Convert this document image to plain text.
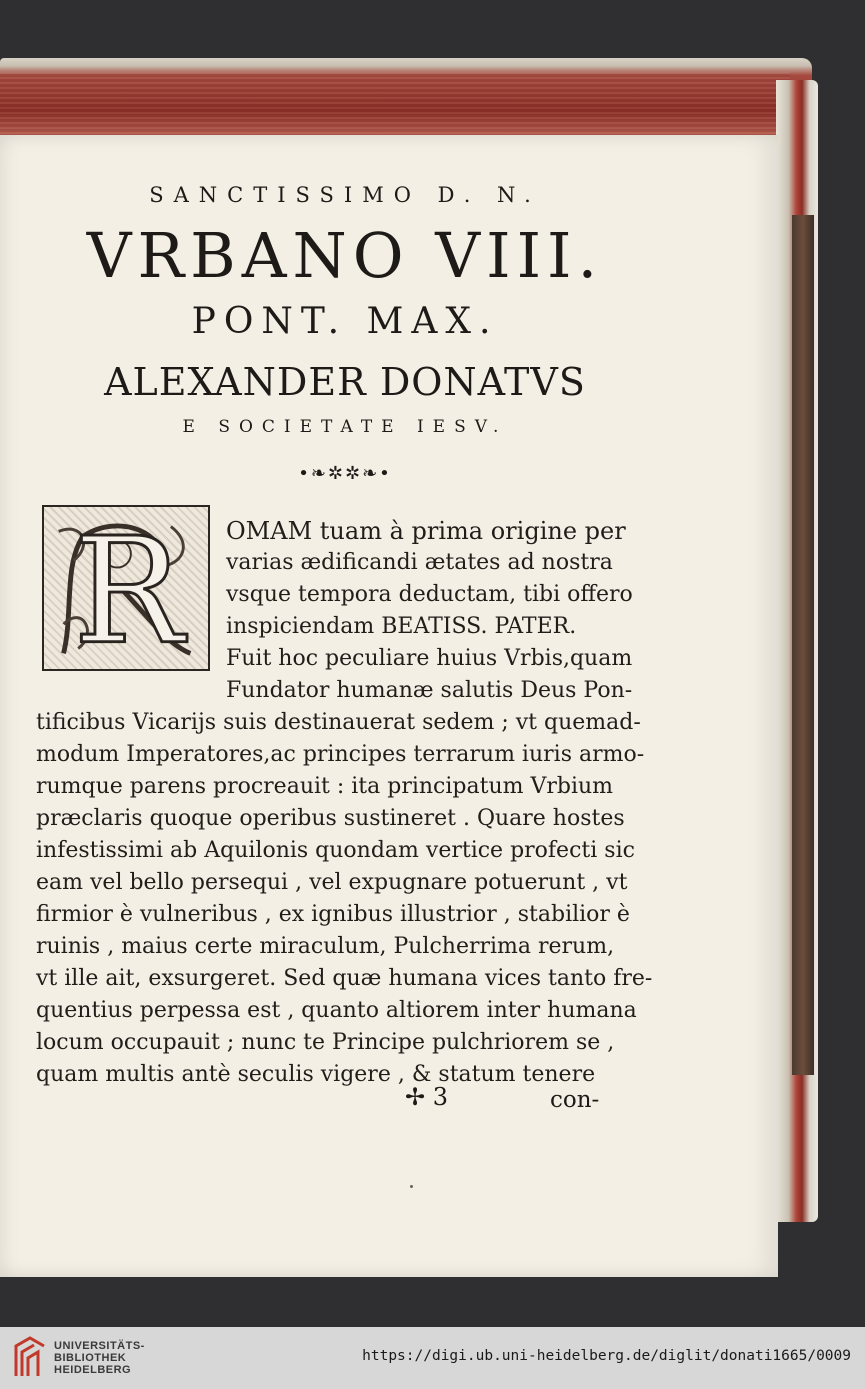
SANCTISSIMO D. N.
VRBANO VIII.
PONT. MAX.
ALEXANDER DONATVS
E SOCIETATE IESV.
•❧✲✲❧•
R OMAM tuam à prima origine per
varias ædificandi ætates ad nostra
vsque tempora deductam, tibi offero
inspiciendam BEATISS. PATER.
Fuit hoc peculiare huius Vrbis,quam
Fundator humanæ salutis Deus Pon-
tificibus Vicarijs suis destinauerat sedem ; vt quemad-
modum Imperatores,ac principes terrarum iuris armo-
rumque parens procreauit : ita principatum Vrbium
præclaris quoque operibus sustineret . Quare hostes
infestissimi ab Aquilonis quondam vertice profecti sic
eam vel bello persequi , vel expugnare potuerunt , vt
firmior è vulneribus , ex ignibus illustrior , stabilior è
ruinis , maius certe miraculum, Pulcherrima rerum,
vt ille ait, exsurgeret. Sed quæ humana vices tanto fre-
quentius perpessa est , quanto altiorem inter humana
locum occupauit ; nunc te Principe pulchriorem se ,
quam multis antè seculis vigere , & statum tenere
✢ 3	con-
UNIVERSITÄTS-
BIBLIOTHEK
HEIDELBERG
https://digi.ub.uni-heidelberg.de/diglit/donati1665/0009
